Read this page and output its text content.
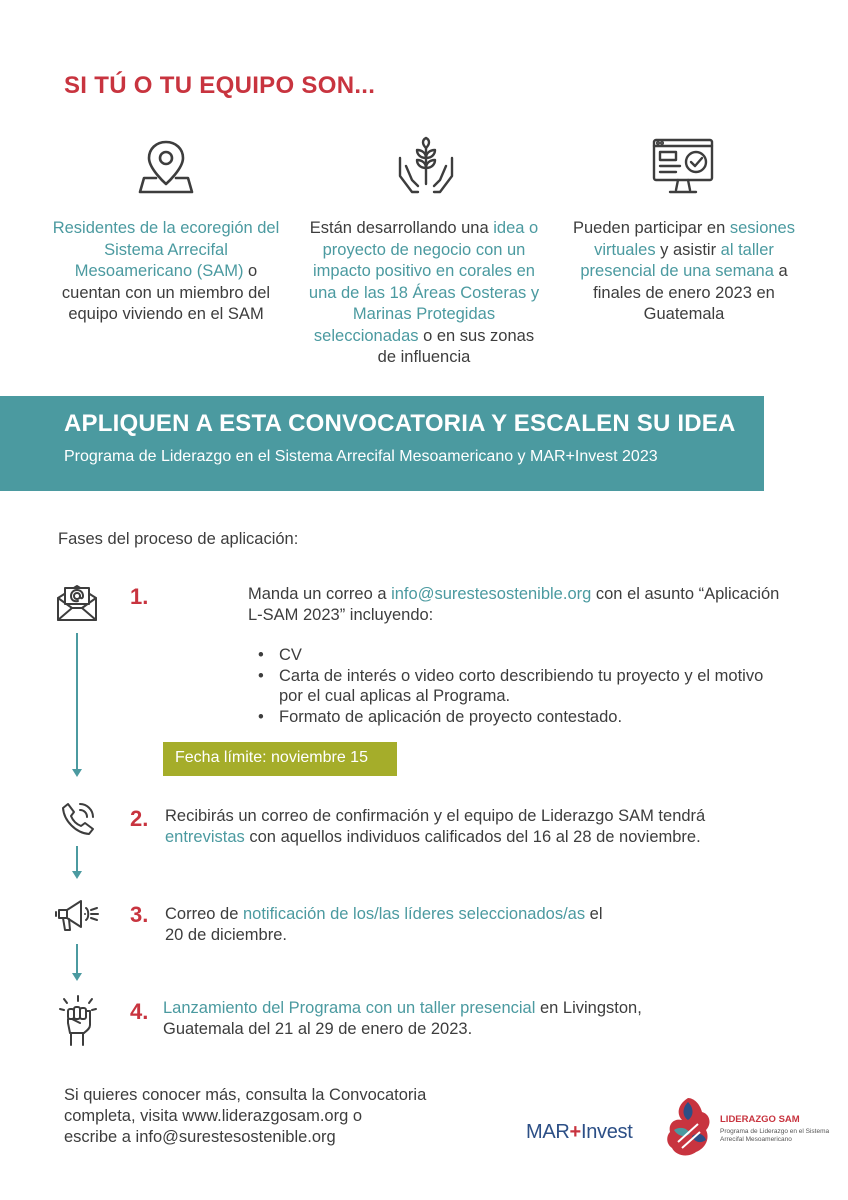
SI TÚ O TU EQUIPO SON...
Residentes de la ecoregión del Sistema Arrecifal Mesoamericano (SAM) o cuentan con un miembro del equipo viviendo en el SAM
Están desarrollando una idea o proyecto de negocio con un impacto positivo en corales en una de las 18 Áreas Costeras y Marinas Protegidas seleccionadas o en sus zonas de influencia
Pueden participar en sesiones virtuales y asistir al taller presencial de una semana a finales de enero 2023 en Guatemala
APLIQUEN A ESTA CONVOCATORIA Y ESCALEN SU IDEA
Programa de Liderazgo en el Sistema Arrecifal Mesoamericano y MAR+Invest 2023
Fases del proceso de aplicación:
1.	Manda un correo a info@surestesostenible.org con el asunto “Aplicación
L-SAM 2023” incluyendo:
• CV
• Carta de interés o video corto describiendo tu proyecto y el motivo
por el cual aplicas al Programa.
• Formato de aplicación de proyecto contestado.
Fecha límite: noviembre 15
2. Recibirás un correo de confirmación y el equipo de Liderazgo SAM tendrá
entrevistas con aquellos individuos calificados del 16 al 28 de noviembre.
3. Correo de notificación de los/las líderes seleccionados/as el
20 de diciembre.
4. Lanzamiento del Programa con un taller presencial en Livingston,
Guatemala del 21 al 29 de enero de 2023.
Si quieres conocer más, consulta la Convocatoria
completa, visita www.liderazgosam.org o
escribe a info@surestesostenible.org	MAR+Invest
LIDERAZGO SAM
Programa de Liderazgo en el Sistema Arrecifal Mesoamericano
